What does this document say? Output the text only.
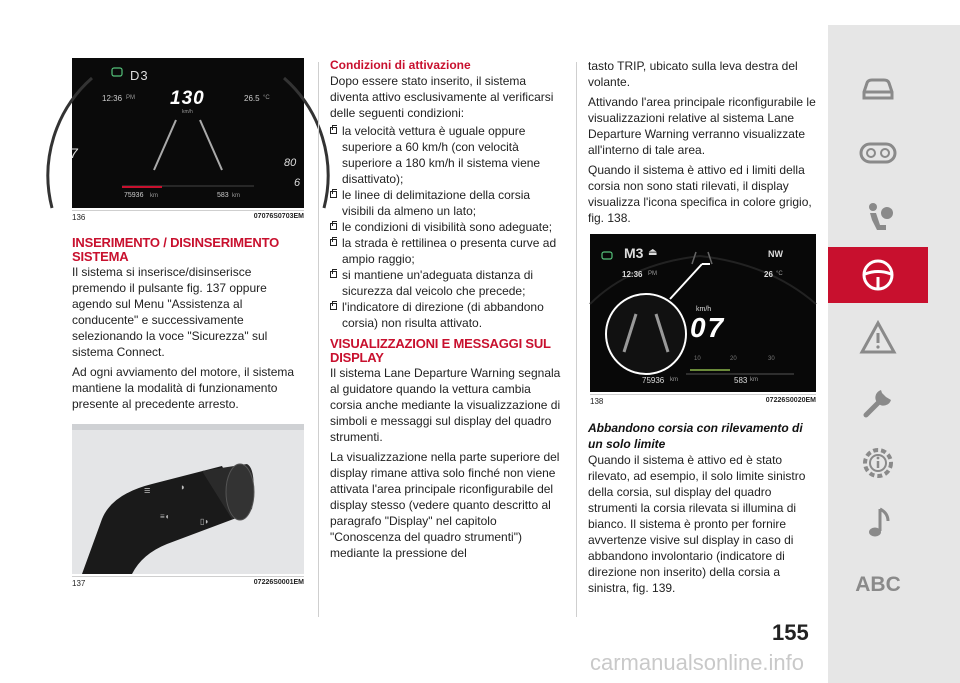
7
80
6
D3
12:36 PM 130
km/h
26.5 °C
75936 km	583 km
136	07076S0703EM
INSERIMENTO / DISINSERIMENTO SISTEMA

Il sistema si inserisce/disinserisce premendo il pulsante fig. 137 oppure agendo sul Menu "Assistenza al conducente" e successivamente selezionando la voce "Sicurezza" sul sistema Connect.

Ad ogni avviamento del motore, il sistema mantiene la modalità di funzionamento presente al precedente arresto.

≡	◗
≡◖
▯◗
137	07226S0001EM
Condizioni di attivazione

Dopo essere stato inserito, il sistema diventa attivo esclusivamente al verificarsi delle seguenti condizioni:

la velocità vettura è uguale oppure superiore a 60 km/h (con velocità superiore a 180 km/h il sistema viene disattivato);
le linee di delimitazione della corsia visibili da almeno un lato;
le condizioni di visibilità sono adeguate;
la strada è rettilinea o presenta curve ad ampio raggio;
si mantiene un'adeguata distanza di sicurezza dal veicolo che precede;
l'indicatore di direzione (di abbandono corsia) non risulta attivato.
VISUALIZZAZIONI E MESSAGGI SUL DISPLAY

Il sistema Lane Departure Warning segnala al guidatore quando la vettura cambia corsia anche mediante la visualizzazione di simboli e messaggi sul display del quadro strumenti.

La visualizzazione nella parte superiore del display rimane attiva solo finché non viene attivata l'area principale riconfigurabile del display stesso (vedere quanto descritto al paragrafo "Display" nel capitolo "Conoscenza del quadro strumenti") mediante la pressione del

tasto TRIP, ubicato sulla leva destra del volante.

Attivando l'area principale riconfigurabile le visualizzazioni relative al sistema Lane Departure Warning verranno visualizzate all'interno di tale area.

Quando il sistema è attivo ed i limiti della corsia non sono stati rilevati, il display visualizza l'icona specifica in colore grigio, fig. 138.

M3 ⏏	NW
12:36 PM	26 °C
km/h
07
10	20	30
75936 km	583 km
138	07226S0020EM
Abbandono corsia con rilevamento di un solo limite

Quando il sistema è attivo ed è stato rilevato, ad esempio, il solo limite sinistro della corsia, sul display del quadro strumenti la corsia rilevata si illumina di bianco. Il sistema è pronto per fornire avvertenze visive sul display in caso di abbandono involontario (indicatore di direzione non inserito) della corsia a sinistra, fig. 139.

155
ABC
carmanualsonline.info
